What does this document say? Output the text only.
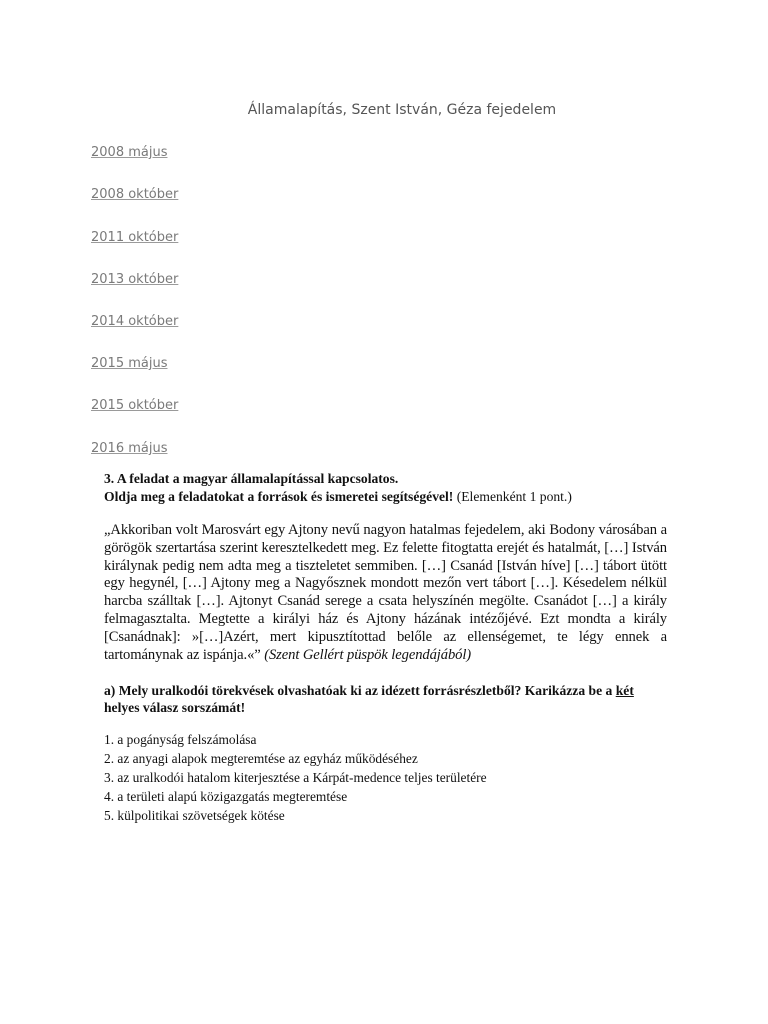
Államalapítás, Szent István, Géza fejedelem
2008 május
2008 október
2011 október
2013 október
2014 október
2015 május
2015 október
2016 május

3. A feladat a magyar államalapítással kapcsolatos.

Oldja meg a feladatokat a források és ismeretei segítségével! (Elemenként 1 pont.)

„Akkoriban volt Marosvárt egy Ajtony nevű nagyon hatalmas fejedelem, aki Bodony városában a görögök szertartása szerint keresztelkedett meg. Ez felette fitogtatta erejét és hatalmát, […] István királynak pedig nem adta meg a tiszteletet semmiben. […] Csanád [István híve] […] tábort ütött egy hegynél, […] Ajtony meg a Nagyősznek mondott mezőn vert tábort […]. Késedelem nélkül harcba szálltak […]. Ajtonyt Csanád serege a csata helyszínén megölte. Csanádot […] a király felmagasztalta. Megtette a királyi ház és Ajtony házának intézőjévé. Ezt mondta a király [Csanádnak]: »[…]Azért, mert kipusztítottad belőle az ellenségemet, te légy ennek a tartománynak az ispánja.«” (Szent Gellért püspök legendájából)
a) Mely uralkodói törekvések olvashatóak ki az idézett forrásrészletből? Karikázza be a két helyes válasz sorszámát!
1. a pogányság felszámolása
2. az anyagi alapok megteremtése az egyház működéséhez
3. az uralkodói hatalom kiterjesztése a Kárpát-medence teljes területére
4. a területi alapú közigazgatás megteremtése
5. külpolitikai szövetségek kötése
